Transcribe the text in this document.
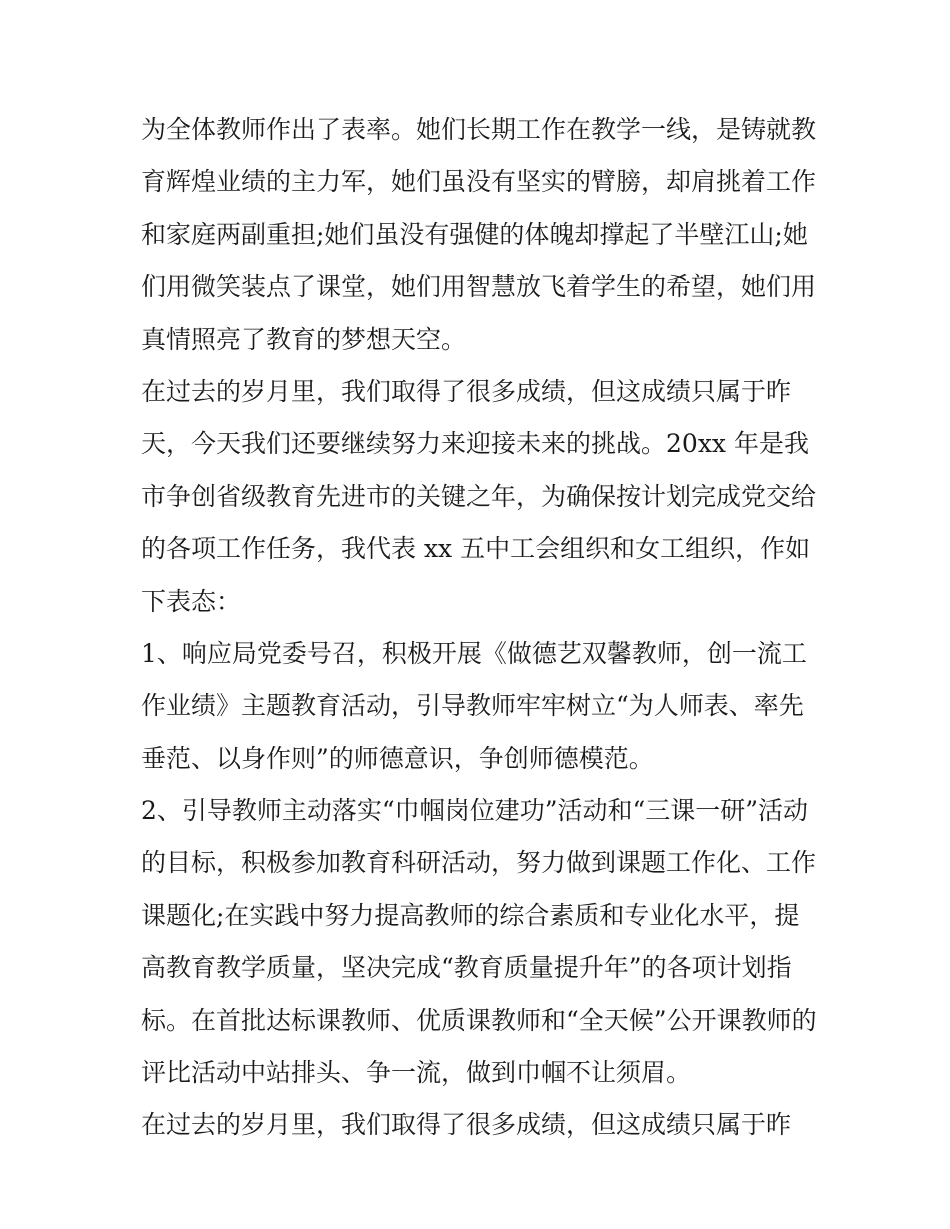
为全体教师作出了表率。她们长期工作在教学一线，是铸就教

育辉煌业绩的主力军，她们虽没有坚实的臂膀，却肩挑着工作

和家庭两副重担;她们虽没有强健的体魄却撑起了半壁江山;她

们用微笑装点了课堂，她们用智慧放飞着学生的希望，她们用

真情照亮了教育的梦想天空。

在过去的岁月里，我们取得了很多成绩，但这成绩只属于昨

天，今天我们还要继续努力来迎接未来的挑战。20xx 年是我

市争创省级教育先进市的关键之年，为确保按计划完成党交给

的各项工作任务，我代表 xx 五中工会组织和女工组织，作如

下表态：

1、响应局党委号召，积极开展《做德艺双馨教师，创一流工

作业绩》主题教育活动，引导教师牢牢树立“为人师表、率先

垂范、以身作则”的师德意识，争创师德模范。

2、引导教师主动落实“巾帼岗位建功”活动和“三课一研”活动

的目标，积极参加教育科研活动，努力做到课题工作化、工作

课题化;在实践中努力提高教师的综合素质和专业化水平，提

高教育教学质量，坚决完成“教育质量提升年”的各项计划指

标。在首批达标课教师、优质课教师和“全天候”公开课教师的

评比活动中站排头、争一流，做到巾帼不让须眉。

在过去的岁月里，我们取得了很多成绩，但这成绩只属于昨
